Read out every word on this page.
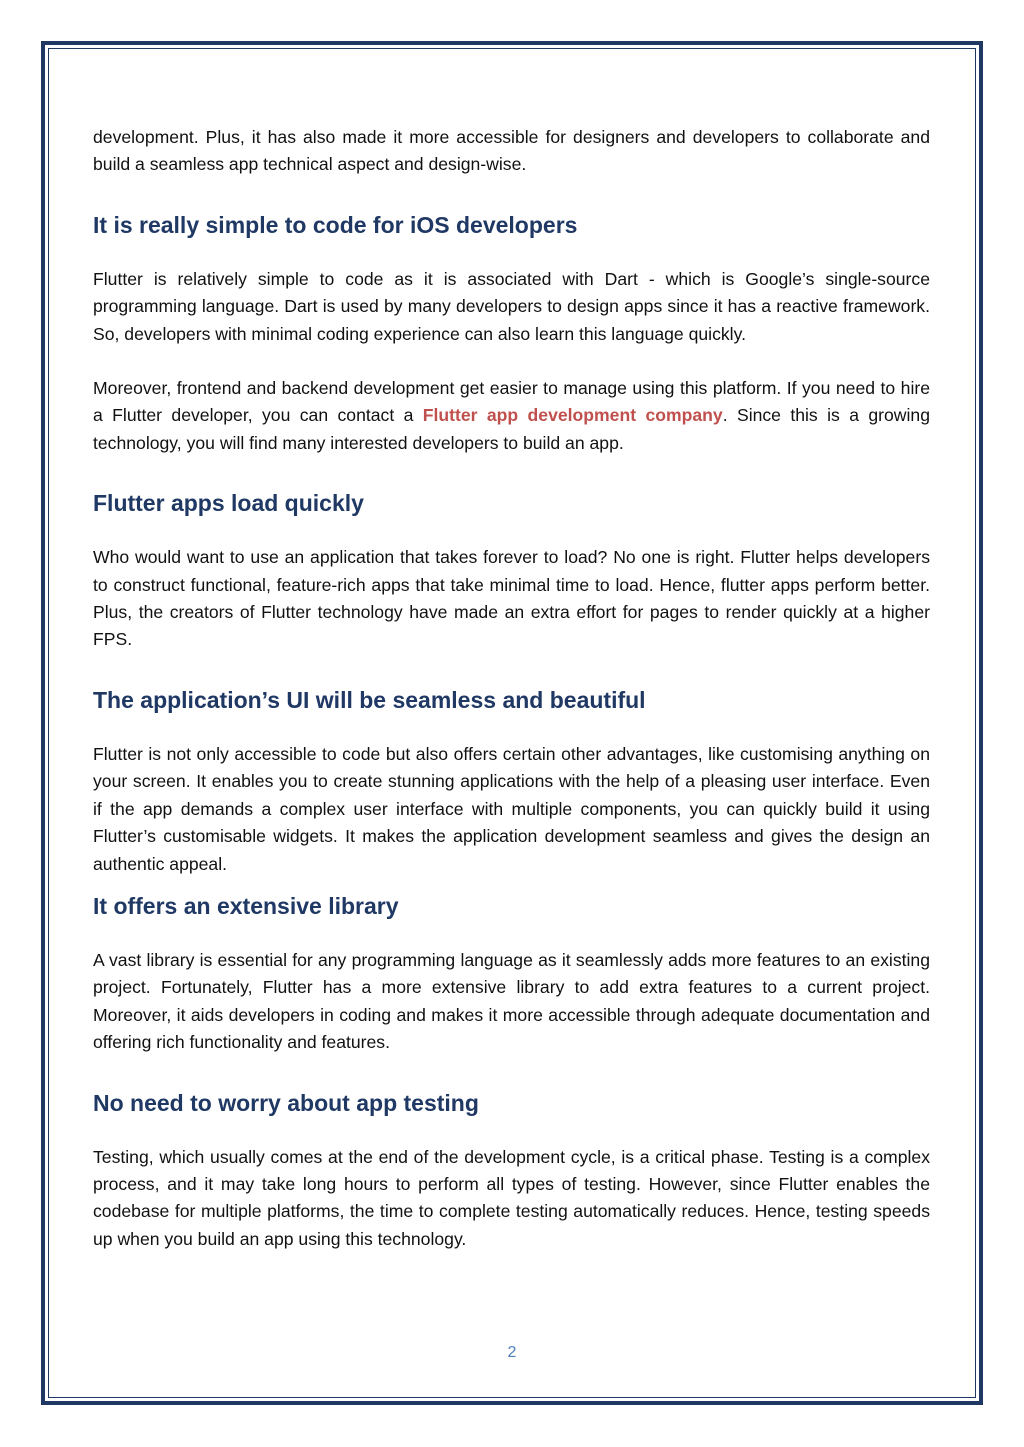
development. Plus, it has also made it more accessible for designers and developers to collaborate and build a seamless app technical aspect and design-wise.

It is really simple to code for iOS developers

Flutter is relatively simple to code as it is associated with Dart - which is Google’s single-source programming language. Dart is used by many developers to design apps since it has a reactive framework. So, developers with minimal coding experience can also learn this language quickly.

Moreover, frontend and backend development get easier to manage using this platform. If you need to hire a Flutter developer, you can contact a Flutter app development company. Since this is a growing technology, you will find many interested developers to build an app.

Flutter apps load quickly

Who would want to use an application that takes forever to load? No one is right. Flutter helps developers to construct functional, feature-rich apps that take minimal time to load. Hence, flutter apps perform better. Plus, the creators of Flutter technology have made an extra effort for pages to render quickly at a higher FPS.

The application’s UI will be seamless and beautiful

Flutter is not only accessible to code but also offers certain other advantages, like customising anything on your screen. It enables you to create stunning applications with the help of a pleasing user interface. Even if the app demands a complex user interface with multiple components, you can quickly build it using Flutter’s customisable widgets. It makes the application development seamless and gives the design an authentic appeal.

It offers an extensive library

A vast library is essential for any programming language as it seamlessly adds more features to an existing project. Fortunately, Flutter has a more extensive library to add extra features to a current project. Moreover, it aids developers in coding and makes it more accessible through adequate documentation and offering rich functionality and features.

No need to worry about app testing

Testing, which usually comes at the end of the development cycle, is a critical phase. Testing is a complex process, and it may take long hours to perform all types of testing. However, since Flutter enables the codebase for multiple platforms, the time to complete testing automatically reduces. Hence, testing speeds up when you build an app using this technology.

2
